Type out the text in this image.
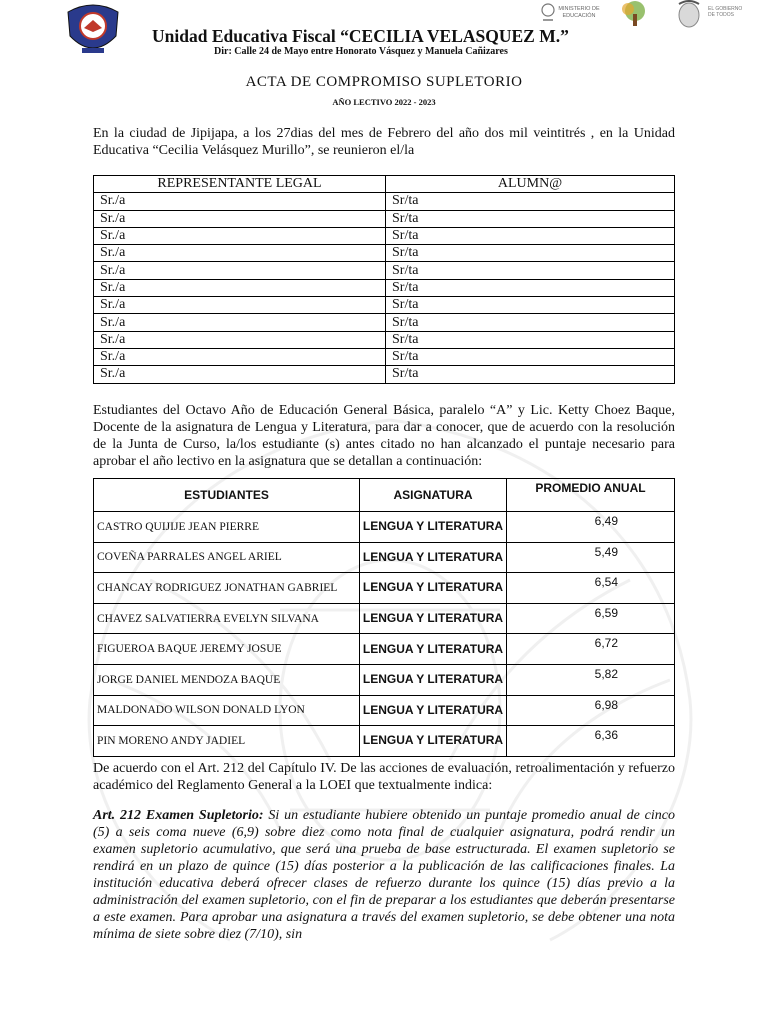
Unidad Educativa Fiscal “CECILIA VELASQUEZ M.”
Dir: Calle 24 de Mayo entre Honorato Vásquez y Manuela Cañizares
MINISTERIO DE EDUCACIÓN
EL GOBIERNO DE TODOS
ACTA DE COMPROMISO SUPLETORIO
AÑO LECTIVO 2022 - 2023
En la ciudad de Jipijapa, a los 27dias del mes de Febrero del año dos mil veintitrés , en la Unidad Educativa “Cecilia Velásquez Murillo”, se reunieron el/la
REPRESENTANTE LEGAL	ALUMN@
Sr./a	Sr/ta
Sr./a	Sr/ta
Sr./a	Sr/ta
Sr./a	Sr/ta
Sr./a	Sr/ta
Sr./a	Sr/ta
Sr./a	Sr/ta
Sr./a	Sr/ta
Sr./a	Sr/ta
Sr./a	Sr/ta
Sr./a	Sr/ta
Estudiantes del Octavo Año de Educación General Básica, paralelo “A” y Lic. Ketty Choez Baque, Docente de la asignatura de Lengua y Literatura, para dar a conocer, que de acuerdo con la resolución de la Junta de Curso, la/los estudiante (s) antes citado no han alcanzado el puntaje necesario para aprobar el año lectivo en la asignatura que se detallan a continuación:
ESTUDIANTES	ASIGNATURA	PROMEDIO ANUAL
CASTRO QUIJIJE JEAN PIERRE	LENGUA Y LITERATURA	6,49
COVEÑA PARRALES ANGEL ARIEL	LENGUA Y LITERATURA	5,49
CHANCAY RODRIGUEZ JONATHAN GABRIEL	LENGUA Y LITERATURA	6,54
CHAVEZ SALVATIERRA EVELYN SILVANA	LENGUA Y LITERATURA	6,59
FIGUEROA BAQUE JEREMY JOSUE	LENGUA Y LITERATURA	6,72
JORGE DANIEL MENDOZA BAQUE	LENGUA Y LITERATURA	5,82
MALDONADO WILSON DONALD LYON	LENGUA Y LITERATURA	6,98
PIN MORENO ANDY JADIEL	LENGUA Y LITERATURA	6,36
De acuerdo con el Art. 212 del Capítulo IV. De las acciones de evaluación, retroalimentación y refuerzo académico del Reglamento General a la LOEI que textualmente indica:
Art. 212 Examen Supletorio: Si un estudiante hubiere obtenido un puntaje promedio anual de cinco (5) a seis coma nueve (6,9) sobre diez como nota final de cualquier asignatura, podrá rendir un examen supletorio acumulativo, que será una prueba de base estructurada. El examen supletorio se rendirá en un plazo de quince (15) días posterior a la publicación de las calificaciones finales. La institución educativa deberá ofrecer clases de refuerzo durante los quince (15) días previo a la administración del examen supletorio, con el fin de preparar a los estudiantes que deberán presentarse a este examen. Para aprobar una asignatura a través del examen supletorio, se debe obtener una nota mínima de siete sobre diez (7/10), sin
